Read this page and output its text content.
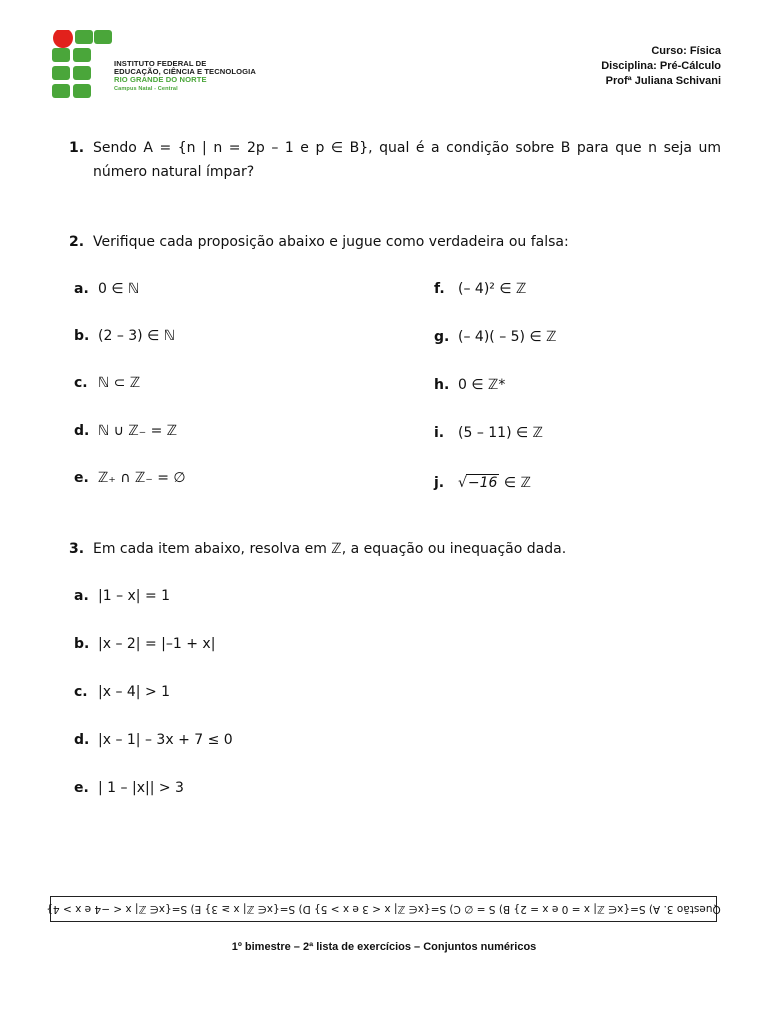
INSTITUTO FEDERAL DE
EDUCAÇÃO, CIÊNCIA E TECNOLOGIA
RIO GRANDE DO NORTE
Campus Natal - Central
Curso: Física
Disciplina: Pré-Cálculo
Profª Juliana Schivani
1. Sendo A = {n | n = 2p – 1 e p ∈ B}, qual é a condição sobre B para que n seja um número natural ímpar?
2. Verifique cada proposição abaixo e jugue como verdadeira ou falsa:
a. 0 ∈ ℕ
b. (2 – 3) ∈ ℕ
c. ℕ ⊂ ℤ
d. ℕ ∪ ℤ₋ = ℤ
e. ℤ₊ ∩ ℤ₋ = ∅
f. (– 4)² ∈ ℤ
g. (– 4)( – 5) ∈ ℤ
h. 0 ∈ ℤ*
i. (5 – 11) ∈ ℤ
j. √−16 ∈ ℤ
3. Em cada item abaixo, resolva em ℤ, a equação ou inequação dada.
a. |1 – x| = 1
b. |x – 2| = |–1 + x|
c. |x – 4| > 1
d. |x – 1| – 3x + 7 ≤ 0
e. | 1 – |x|| > 3
Questão 3. A) S={x∈ ℤ| x = 0 e x = 2} B) S = ∅ C) S={x∈ ℤ| x < 3 e x > 5} D) S={x∈ ℤ| x ≥ 3} E) S={x∈ ℤ| x < −4 e x > 4}
1º bimestre – 2ª lista de exercícios – Conjuntos numéricos
